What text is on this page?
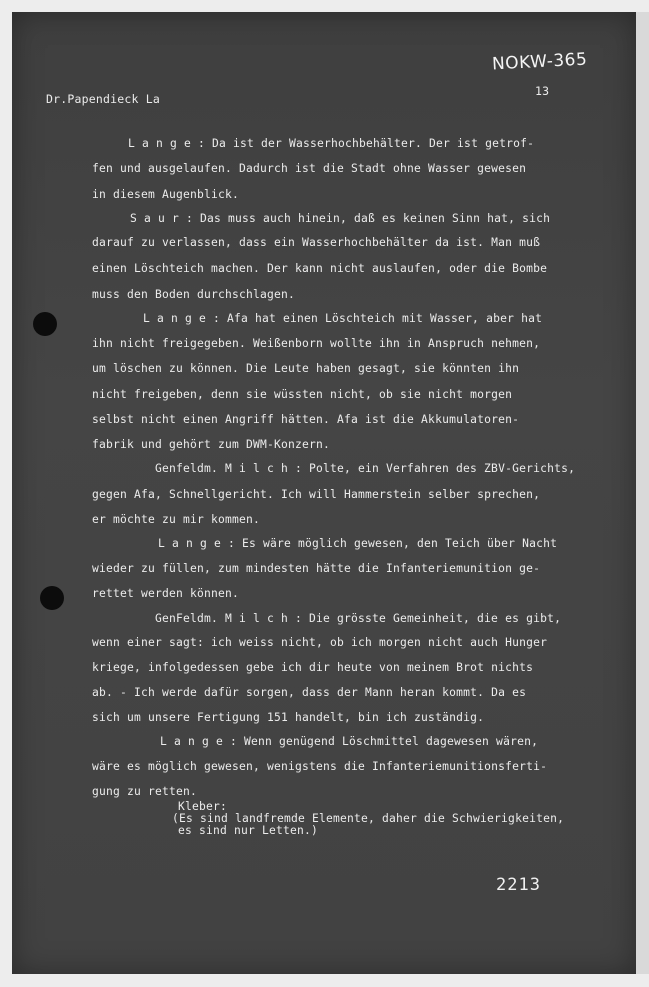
NOKW-365
Dr.Papendieck La
13
L a n g e : Da ist der Wasserhochbehälter. Der ist getrof-
fen und ausgelaufen. Dadurch ist die Stadt ohne Wasser gewesen
in diesem Augenblick.
S a u r : Das muss auch hinein, daß es keinen Sinn hat, sich
darauf zu verlassen, dass ein Wasserhochbehälter da ist. Man muß
einen Löschteich machen. Der kann nicht auslaufen, oder die Bombe
muss den Boden durchschlagen.
L a n g e : Afa hat einen Löschteich mit Wasser, aber hat
ihn nicht freigegeben. Weißenborn wollte ihn in Anspruch nehmen,
um löschen zu können. Die Leute haben gesagt, sie könnten ihn
nicht freigeben, denn sie wüssten nicht, ob sie nicht morgen
selbst nicht einen Angriff hätten. Afa ist die Akkumulatoren-
fabrik und gehört zum DWM-Konzern.
Genfeldm. M i l c h : Polte, ein Verfahren des ZBV-Gerichts,
gegen Afa, Schnellgericht. Ich will Hammerstein selber sprechen,
er möchte zu mir kommen.
L a n g e : Es wäre möglich gewesen, den Teich über Nacht
wieder zu füllen, zum mindesten hätte die Infanteriemunition ge-
rettet werden können.
GenFeldm. M i l c h : Die grösste Gemeinheit, die es gibt,
wenn einer sagt: ich weiss nicht, ob ich morgen nicht auch Hunger
kriege, infolgedessen gebe ich dir heute von meinem Brot nichts
ab. - Ich werde dafür sorgen, dass der Mann heran kommt. Da es
sich um unsere Fertigung 151 handelt, bin ich zuständig.
L a n g e : Wenn genügend Löschmittel dagewesen wären,
wäre es möglich gewesen, wenigstens die Infanteriemunitionsferti-
gung zu retten.
Kleber:
(Es sind landfremde Elemente, daher die Schwierigkeiten,
es sind nur Letten.)
2213
